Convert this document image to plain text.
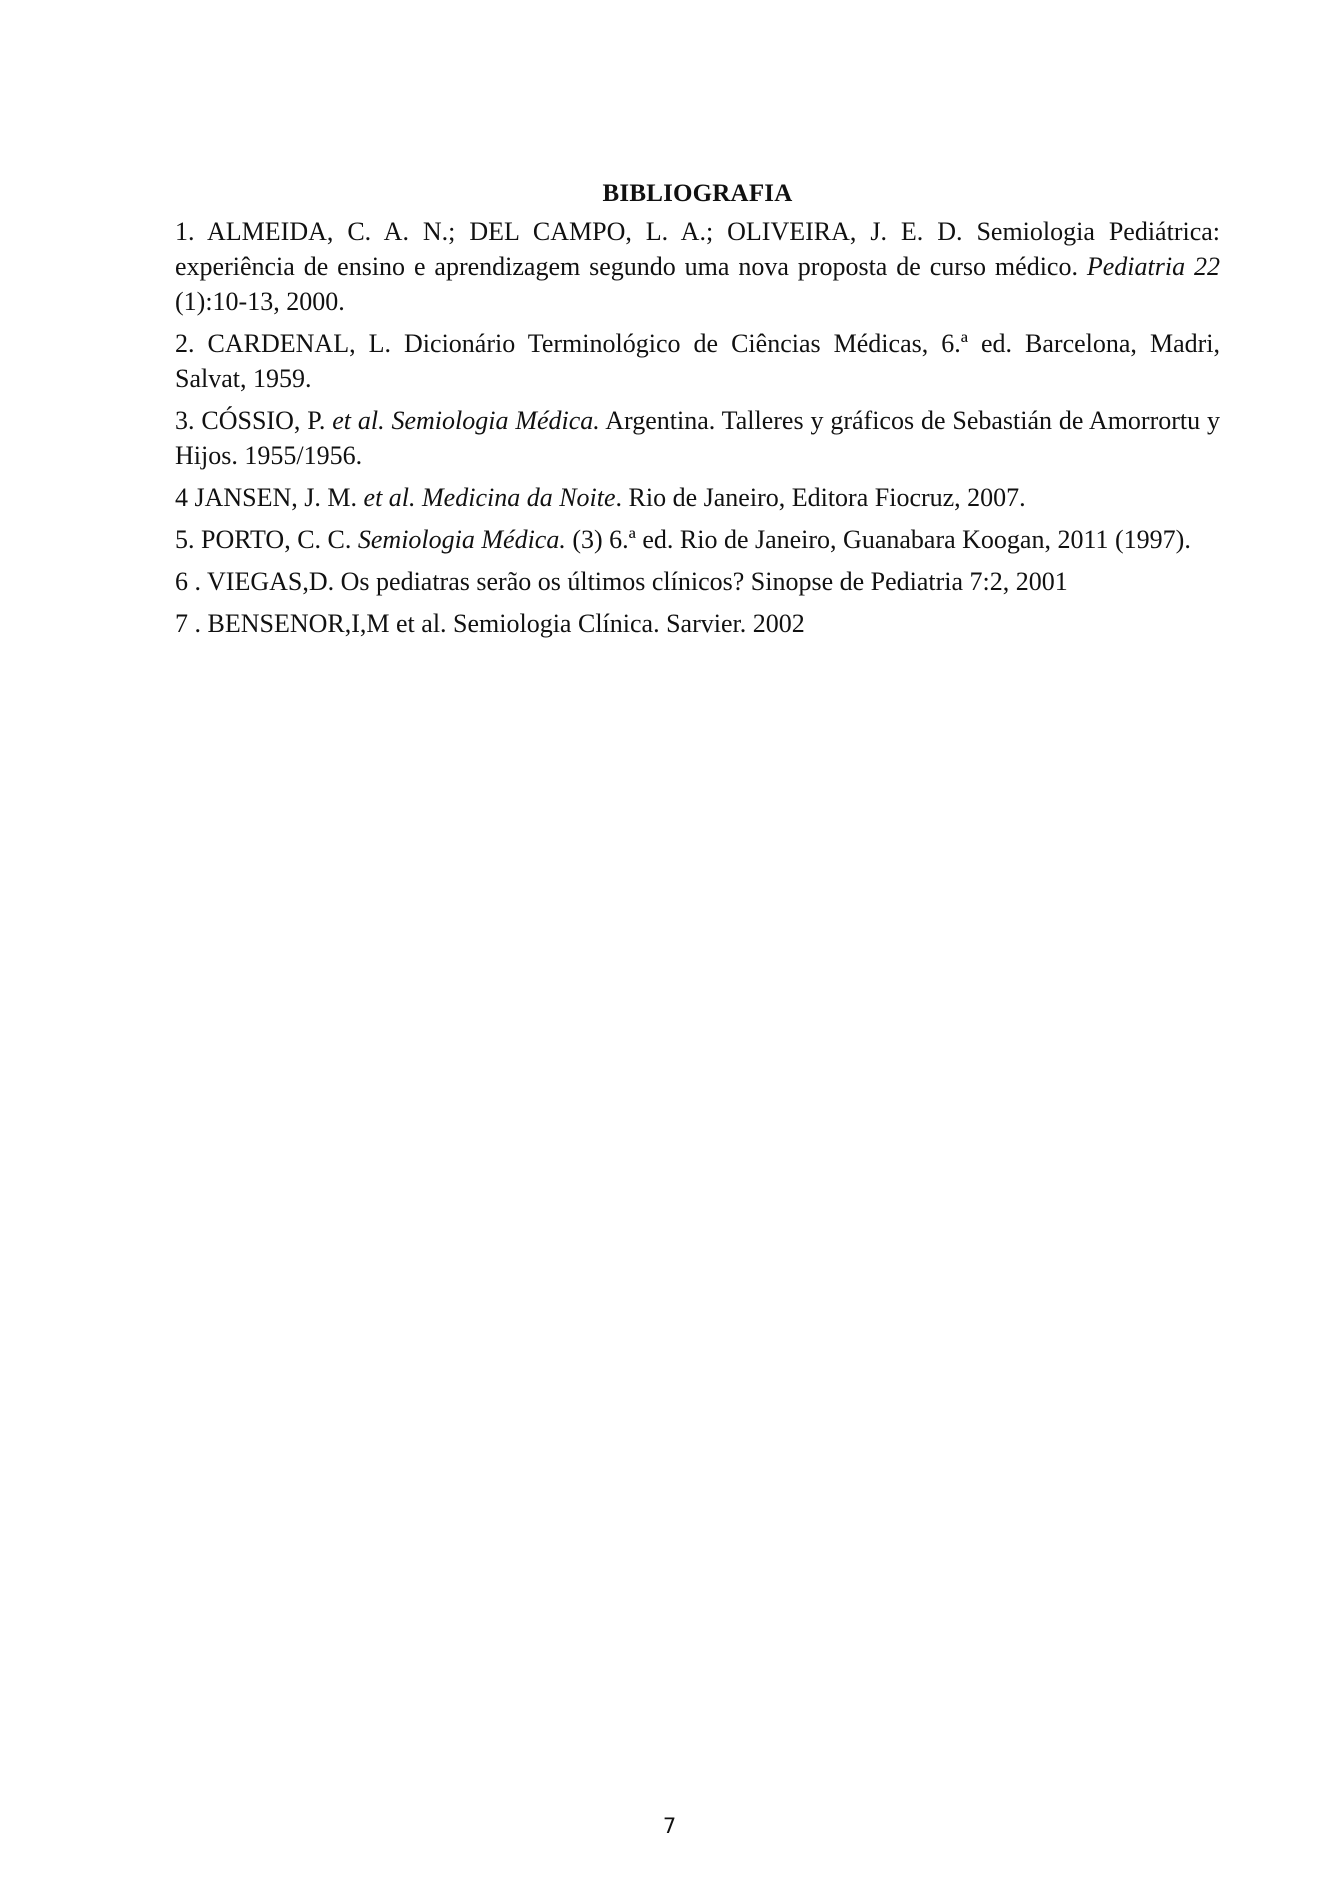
BIBLIOGRAFIA

1. ALMEIDA, C. A. N.; DEL CAMPO, L. A.; OLIVEIRA, J. E. D. Semiologia Pediátrica: experiência de ensino e aprendizagem segundo uma nova proposta de curso médico. Pediatria 22 (1):10-13, 2000.

2. CARDENAL, L. Dicionário Terminológico de Ciências Médicas, 6.ª ed. Barcelona, Madri, Salvat, 1959.

3. CÓSSIO, P. et al. Semiologia Médica. Argentina. Talleres y gráficos de Sebastián de Amorrortu y Hijos. 1955/1956.

4 JANSEN, J. M. et al. Medicina da Noite. Rio de Janeiro, Editora Fiocruz, 2007.

5. PORTO, C. C. Semiologia Médica. (3) 6.ª ed. Rio de Janeiro, Guanabara Koogan, 2011 (1997).

6 . VIEGAS,D. Os pediatras serão os últimos clínicos? Sinopse de Pediatria 7:2, 2001

7 . BENSENOR,I,M et al. Semiologia Clínica. Sarvier. 2002

7
